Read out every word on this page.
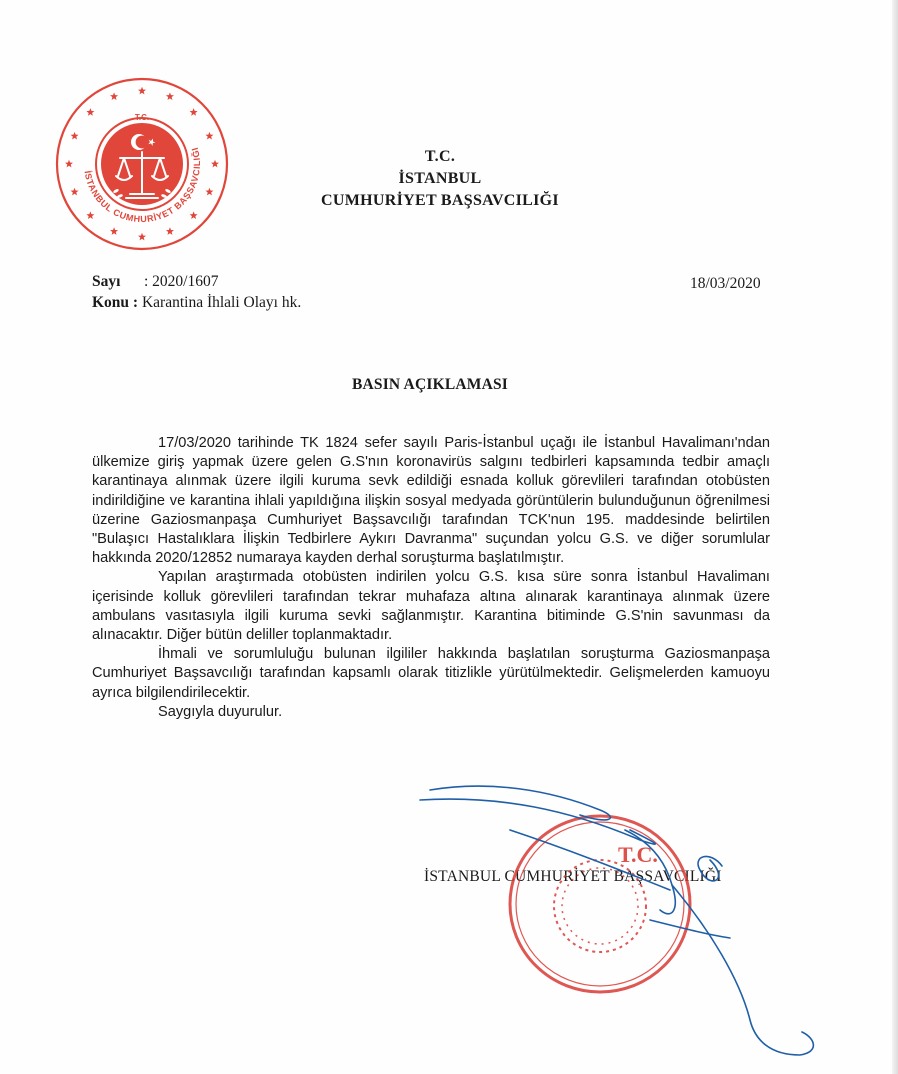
T.C.
İSTANBUL CUMHURİYET BAŞSAVCILIĞI	T.C.
İSTANBUL
CUMHURİYET BAŞSAVCILIĞI
Sayı : 2020/1607
Konu : Karantina İhlali Olayı hk.
18/03/2020
BASIN AÇIKLAMASI

17/03/2020 tarihinde TK 1824 sefer sayılı Paris-İstanbul uçağı ile İstanbul Havalimanı'ndan ülkemize giriş yapmak üzere gelen G.S'nın koronavirüs salgını tedbirleri kapsamında tedbir amaçlı karantinaya alınmak üzere ilgili kuruma sevk edildiği esnada kolluk görevlileri tarafından otobüsten indirildiğine ve karantina ihlali yapıldığına ilişkin sosyal medyada görüntülerin bulunduğunun öğrenilmesi üzerine Gaziosmanpaşa Cumhuriyet Başsavcılığı tarafından TCK'nun 195. maddesinde belirtilen "Bulaşıcı Hastalıklara İlişkin Tedbirlere Aykırı Davranma" suçundan yolcu G.S. ve diğer sorumlular hakkında 2020/12852 numaraya kayden derhal soruşturma başlatılmıştır.

Yapılan araştırmada otobüsten indirilen yolcu G.S. kısa süre sonra İstanbul Havalimanı içerisinde kolluk görevlileri tarafından tekrar muhafaza altına alınarak karantinaya alınmak üzere ambulans vasıtasıyla ilgili kuruma sevki sağlanmıştır. Karantina bitiminde G.S'nin savunması da alınacaktır. Diğer bütün deliller toplanmaktadır.

İhmali ve sorumluluğu bulunan ilgililer hakkında başlatılan soruşturma Gaziosmanpaşa Cumhuriyet Başsavcılığı tarafından kapsamlı olarak titizlikle yürütülmektedir. Gelişmelerden kamuoyu ayrıca bilgilendirilecektir.

Saygıyla duyurulur.

İSTANBUL CUMHURİYET BAŞSAVCILIĞI
T.C.
